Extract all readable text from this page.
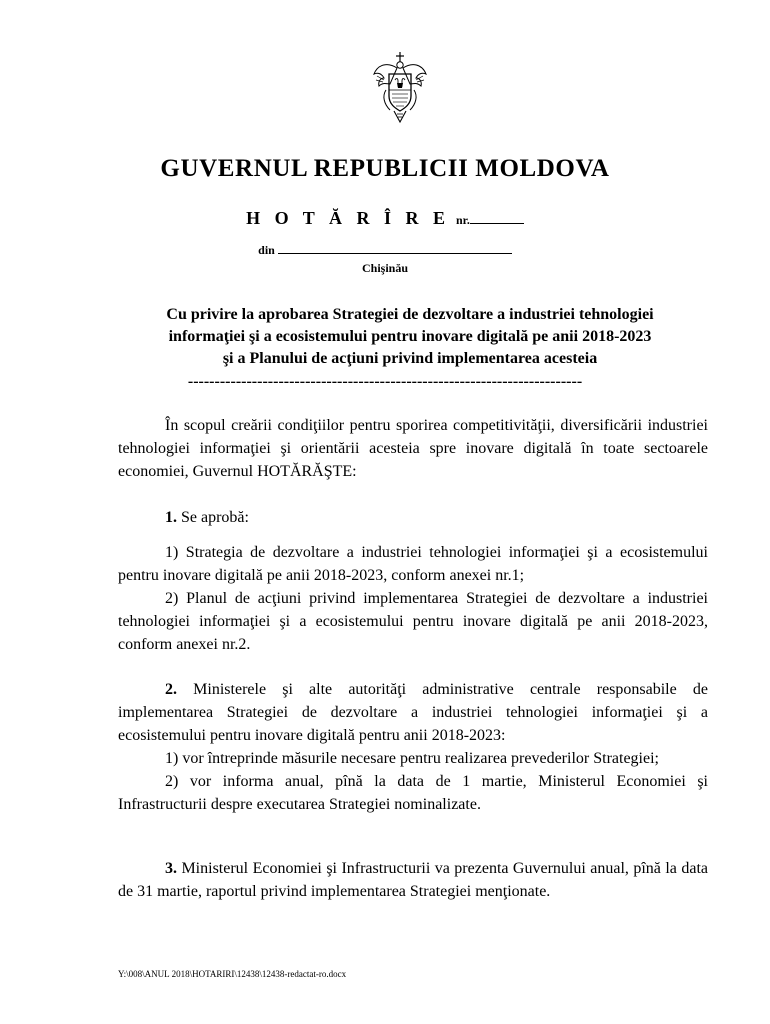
GUVERNUL REPUBLICII MOLDOVA
H O T Ă R Î R E nr.
din
Chişinău
Cu privire la aprobarea Strategiei de dezvoltare a industriei tehnologiei
informaţiei şi a ecosistemului pentru inovare digitală pe anii 2018-2023
şi a Planului de acţiuni privind implementarea acesteia
--------------------------------------------------------------------------

În scopul creării condiţiilor pentru sporirea competitivităţii, diversificării industriei tehnologiei informaţiei şi orientării acesteia spre inovare digitală în toate sectoarele economiei, Guvernul HOTĂRĂŞTE:

1. Se aprobă:

1) Strategia de dezvoltare a industriei tehnologiei informaţiei şi a ecosistemului pentru inovare digitală pe anii 2018-2023, conform anexei nr.1;

2) Planul de acţiuni privind implementarea Strategiei de dezvoltare a industriei tehnologiei informaţiei şi a ecosistemului pentru inovare digitală pe anii 2018-2023, conform anexei nr.2.

2. Ministerele şi alte autorităţi administrative centrale responsabile de implementarea Strategiei de dezvoltare a industriei tehnologiei informaţiei şi a ecosistemului pentru inovare digitală pentru anii 2018-2023:

1) vor întreprinde măsurile necesare pentru realizarea prevederilor Strategiei;

2) vor informa anual, pînă la data de 1 martie, Ministerul Economiei şi Infrastructurii despre executarea Strategiei nominalizate.

3. Ministerul Economiei şi Infrastructurii va prezenta Guvernului anual, pînă la data de 31 martie, raportul privind implementarea Strategiei menţionate.

Y:\008\ANUL 2018\HOTARIRI\12438\12438-redactat-ro.docx
